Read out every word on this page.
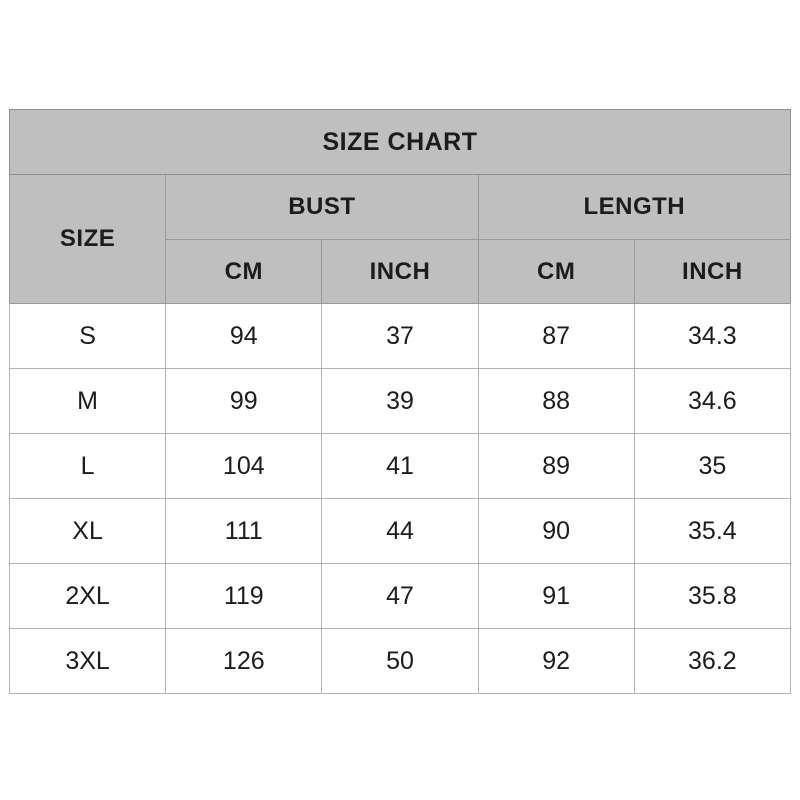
SIZE CHART				
SIZE	BUST		LENGTH	
	CM	INCH	CM	INCH
S	94	37	87	34.3
M	99	39	88	34.6
L	104	41	89	35
XL	111	44	90	35.4
2XL	119	47	91	35.8
3XL	126	50	92	36.2
